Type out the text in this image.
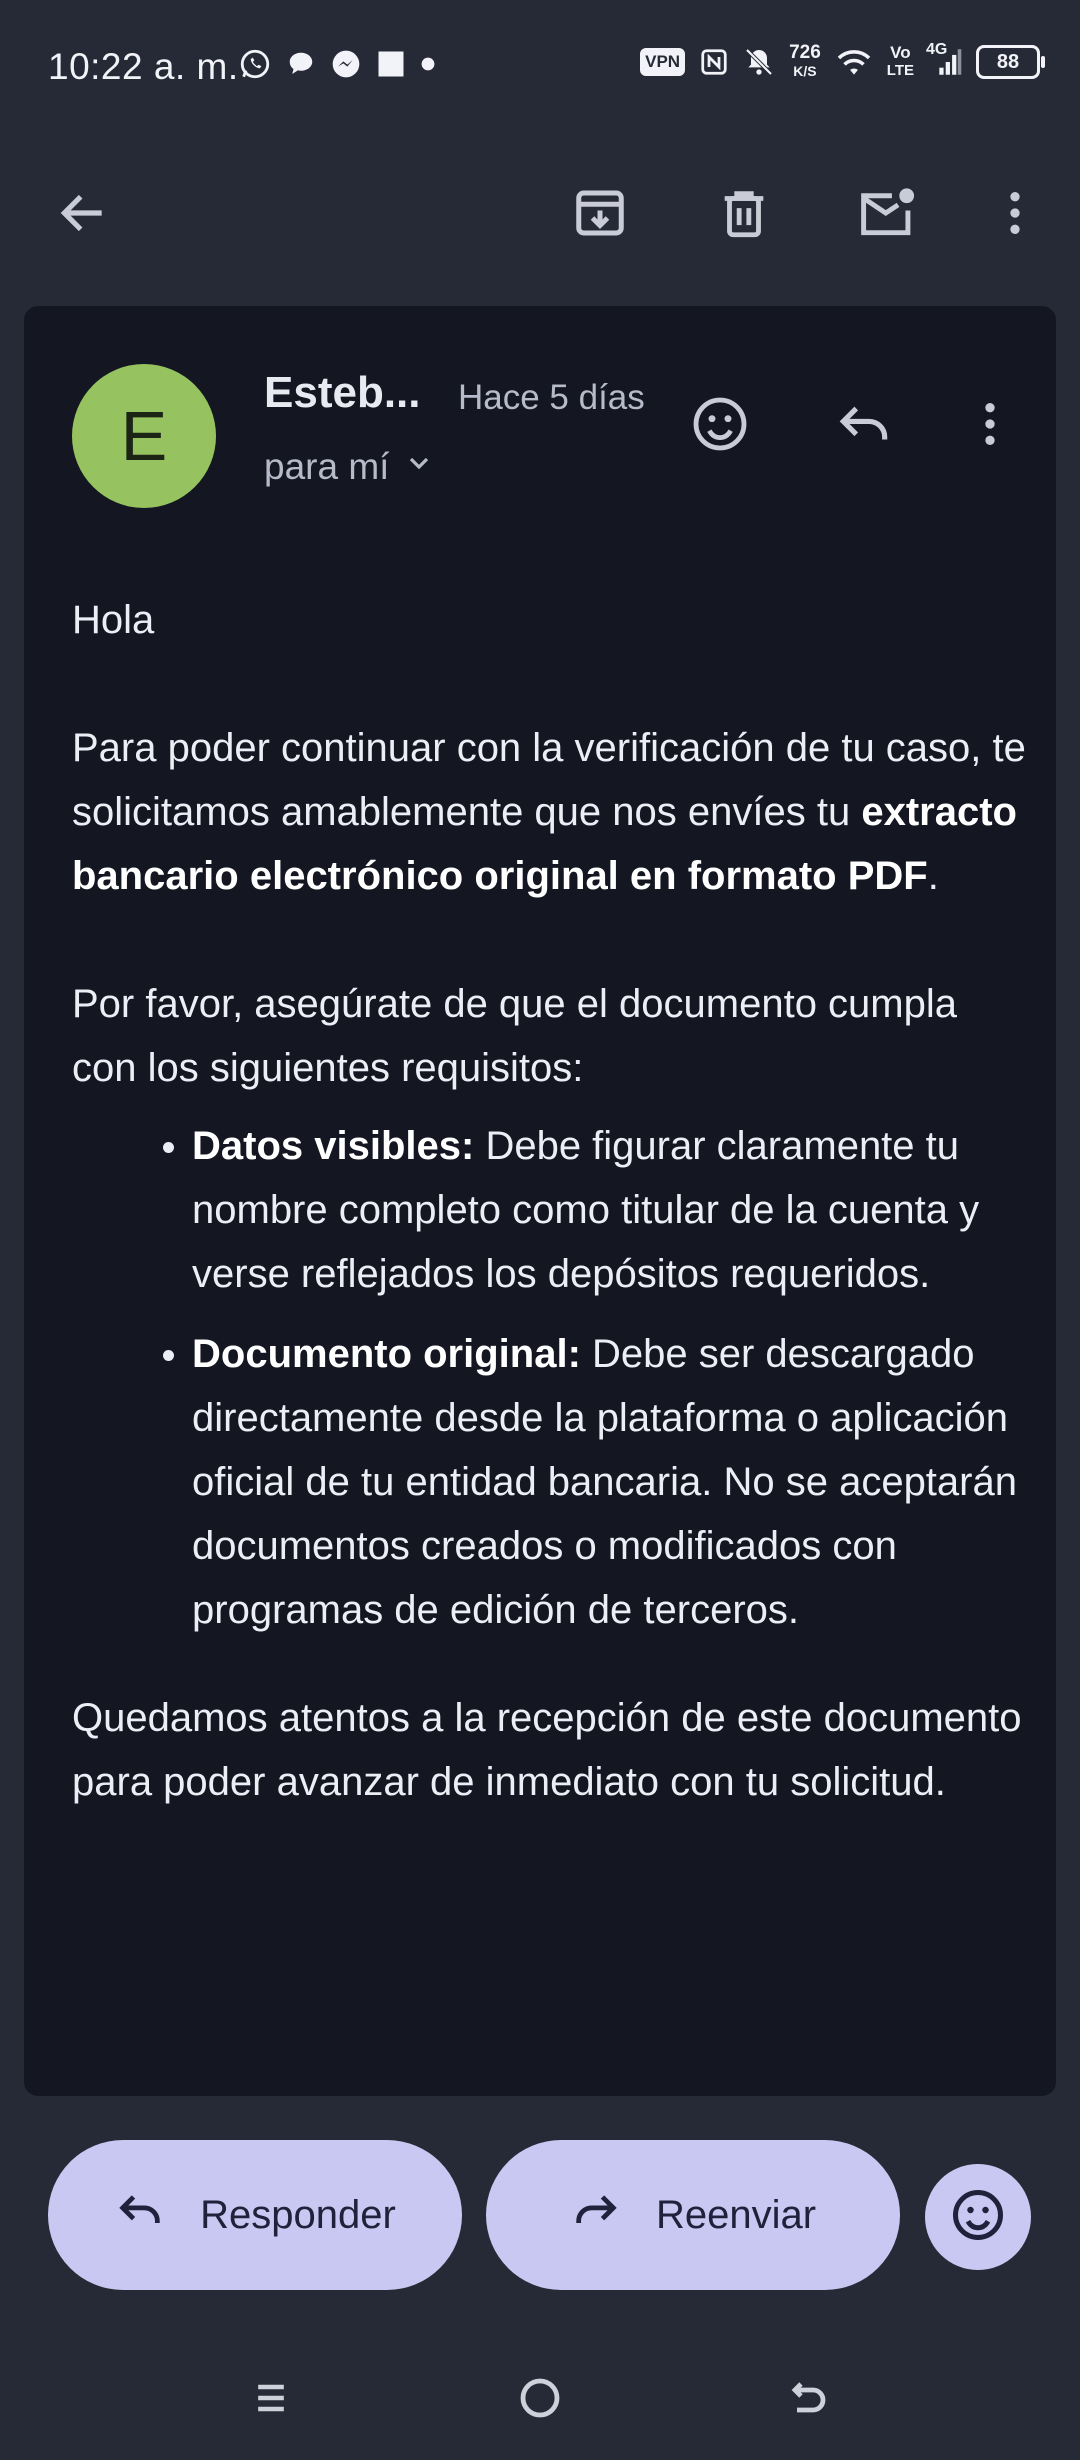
10:22 a. m.	VPN	726
K/S
Vo
LTE
4G
88
E
Esteb... Hace 5 días
para mí

Hola

Para poder continuar con la verificación de tu caso, te solicitamos amablemente que nos envíes tu extracto bancario electrónico original en formato PDF.

Por favor, asegúrate de que el documento cumpla con los siguientes requisitos:

• Datos visibles: Debe figurar claramente tu nombre completo como titular de la cuenta y verse reflejados los depósitos requeridos.
• Documento original: Debe ser descargado directamente desde la plataforma o aplicación oficial de tu entidad bancaria. No se aceptarán documentos creados o modificados con programas de edición de terceros.

Quedamos atentos a la recepción de este documento para poder avanzar de inmediato con tu solicitud.

Responder	Reenviar
